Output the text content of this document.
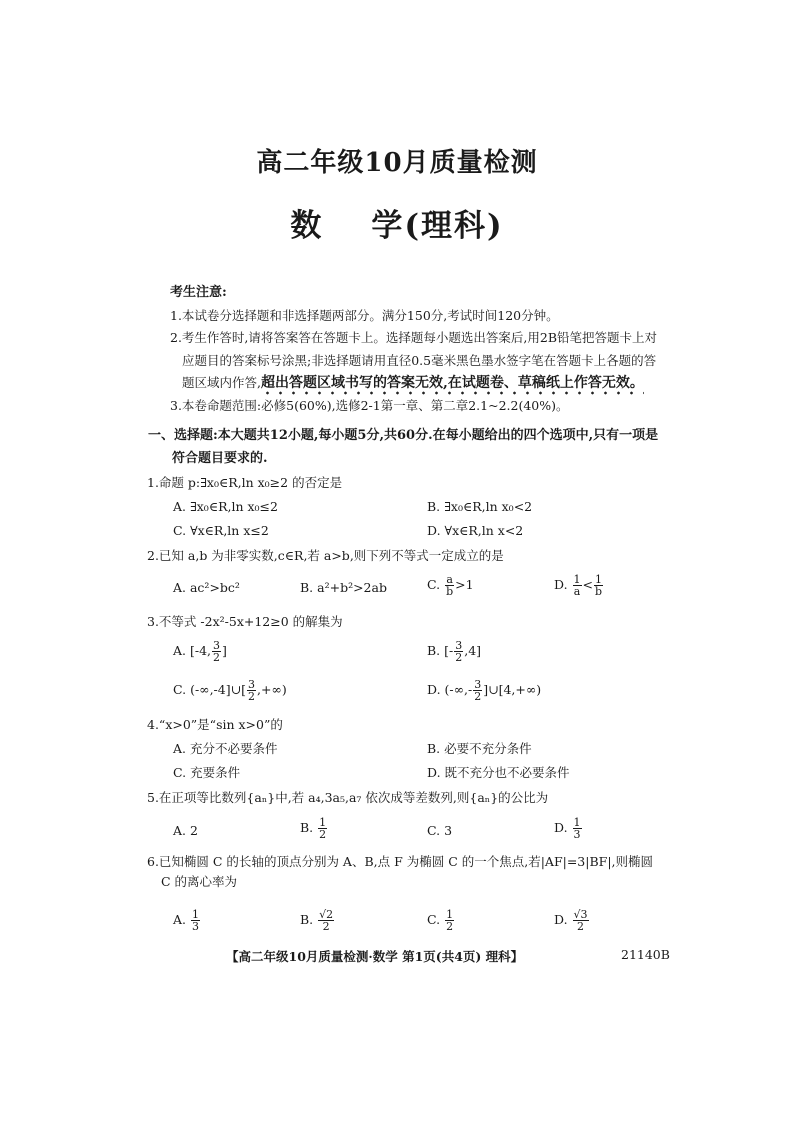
高二年级10月质量检测
数 学(理科)
考生注意:
1.本试卷分选择题和非选择题两部分。满分150分,考试时间120分钟。
2.考生作答时,请将答案答在答题卡上。选择题每小题选出答案后,用2B铅笔把答题卡上对
应题目的答案标号涂黑;非选择题请用直径0.5毫米黑色墨水签字笔在答题卡上各题的答
题区域内作答,超出答题区域书写的答案无效,在试题卷、草稿纸上作答无效。
3.本卷命题范围:必修5(60%),选修2-1第一章、第二章2.1~2.2(40%)。
一、选择题:本大题共12小题,每小题5分,共60分.在每小题给出的四个选项中,只有一项是
符合题目要求的.
1.命题 p:∃x₀∈R,ln x₀≥2 的否定是
A. ∃x₀∈R,ln x₀≤2	B. ∃x₀∈R,ln x₀<2
C. ∀x∈R,ln x≤2	D. ∀x∈R,ln x<2
2.已知 a,b 为非零实数,c∈R,若 a>b,则下列不等式一定成立的是
A. ac²>bc²	B. a²+b²>2ab	C. $\frac{a}{b} >1$	D. $\frac{1}{a} < \frac{1}{b}$
3.不等式 -2x²-5x+12≥0 的解集为
A. [-4, $\frac{3}{2}$ ]	B. [- $\frac{3}{2} ,4$]
C. (-∞,-4]∪[ $\frac{3}{2}$ ,+∞)	D. (-∞,- $\frac{3}{2}$ ]∪[4,+∞)
4.“x>0”是“sin x>0”的
A. 充分不必要条件	B. 必要不充分条件
C. 充要条件	D. 既不充分也不必要条件
5.在正项等比数列{aₙ}中,若 a₄,3a₅,a₇ 依次成等差数列,则{aₙ}的公比为
A. 2	B. $\frac{1}{2}$	C. 3	D. $\frac{1}{3}$
6.已知椭圆 C 的长轴的顶点分别为 A、B,点 F 为椭圆 C 的一个焦点,若|AF|=3|BF|,则椭圆
C 的离心率为
A. $\frac{1}{3}$	B. $\frac{√2}{2}$	C. $\frac{1}{2}$	D. $\frac{√3}{2}$
【高二年级10月质量检测·数学 第1页(共4页) 理科】	21140B
